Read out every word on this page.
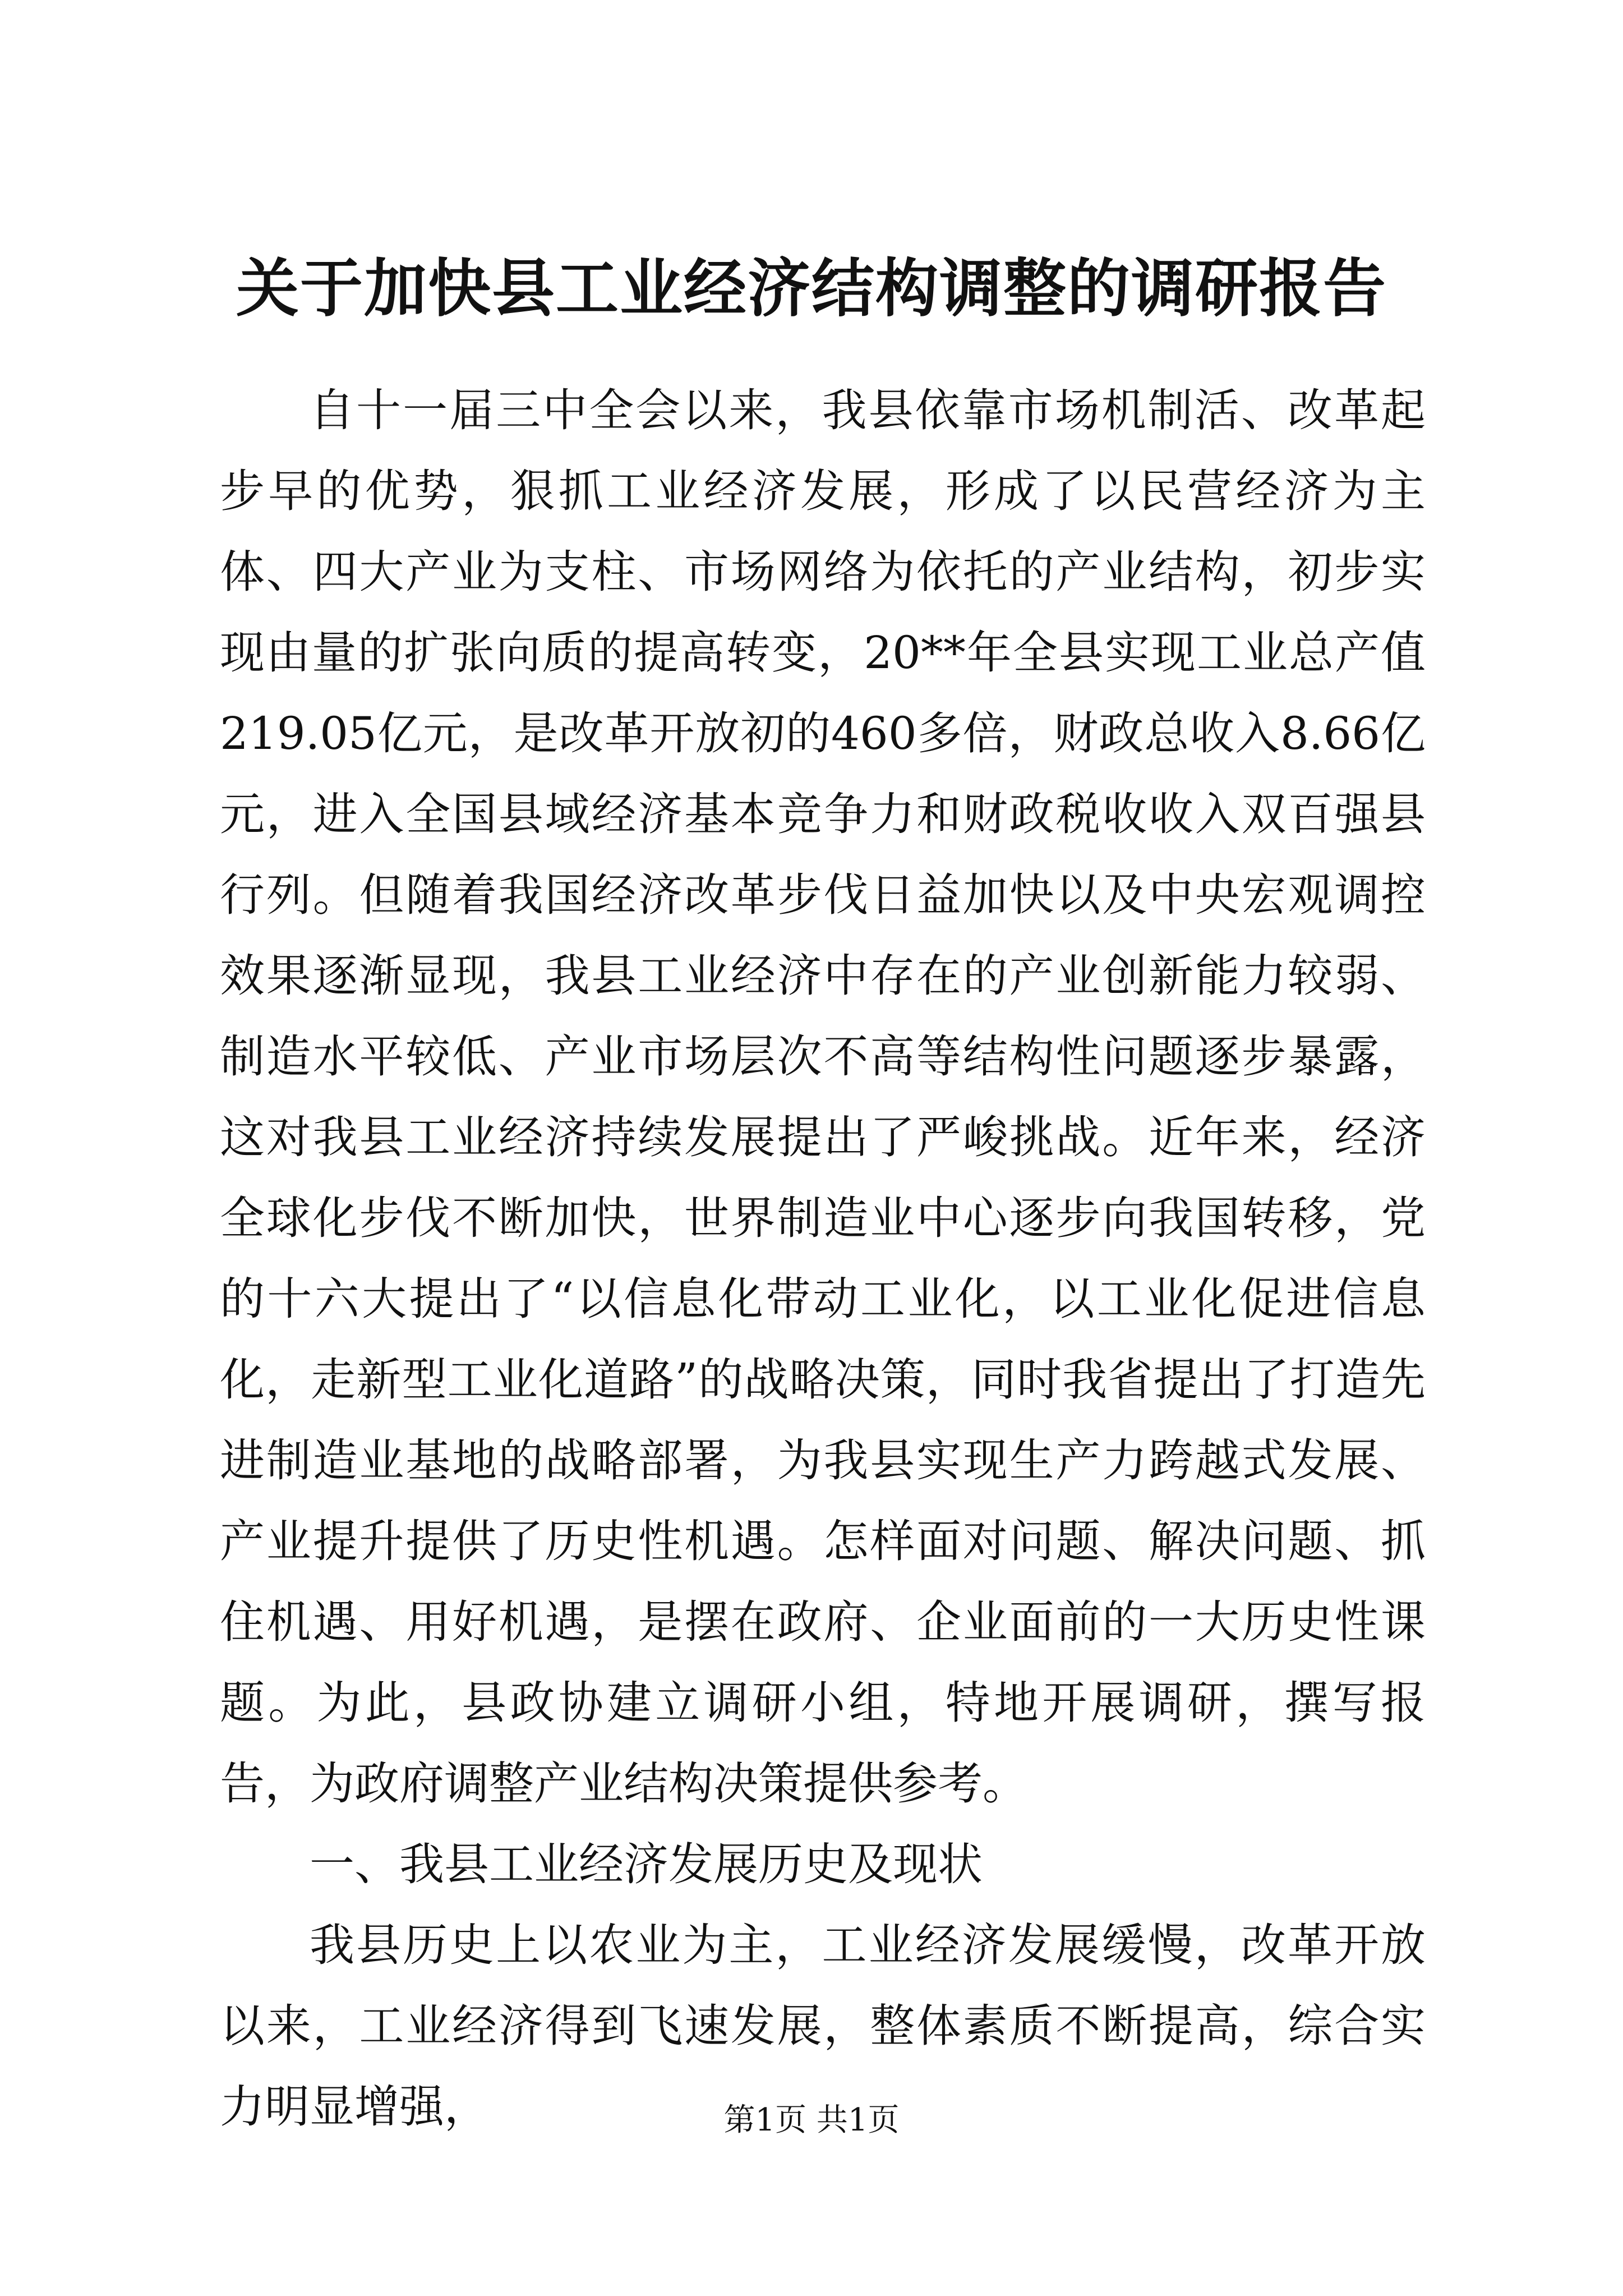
关于加快县工业经济结构调整的调研报告

自十一届三中全会以来，我县依靠市场机制活、改革起步早的优势，狠抓工业经济发展，形成了以民营经济为主体、四大产业为支柱、市场网络为依托的产业结构，初步实现由量的扩张向质的提高转变，20**年全县实现工业总产值219.05亿元，是改革开放初的460多倍，财政总收入8.66亿元，进入全国县域经济基本竞争力和财政税收收入双百强县行列。但随着我国经济改革步伐日益加快以及中央宏观调控效果逐渐显现，我县工业经济中存在的产业创新能力较弱、制造水平较低、产业市场层次不高等结构性问题逐步暴露，这对我县工业经济持续发展提出了严峻挑战。近年来，经济全球化步伐不断加快，世界制造业中心逐步向我国转移，党的十六大提出了“以信息化带动工业化，以工业化促进信息化，走新型工业化道路”的战略决策，同时我省提出了打造先进制造业基地的战略部署，为我县实现生产力跨越式发展、产业提升提供了历史性机遇。怎样面对问题、解决问题、抓住机遇、用好机遇，是摆在政府、企业面前的一大历史性课题。为此，县政协建立调研小组，特地开展调研，撰写报告，为政府调整产业结构决策提供参考。

一、我县工业经济发展历史及现状

我县历史上以农业为主，工业经济发展缓慢，改革开放以来，工业经济得到飞速发展，整体素质不断提高，综合实力明显增强，	第1页 共1页
